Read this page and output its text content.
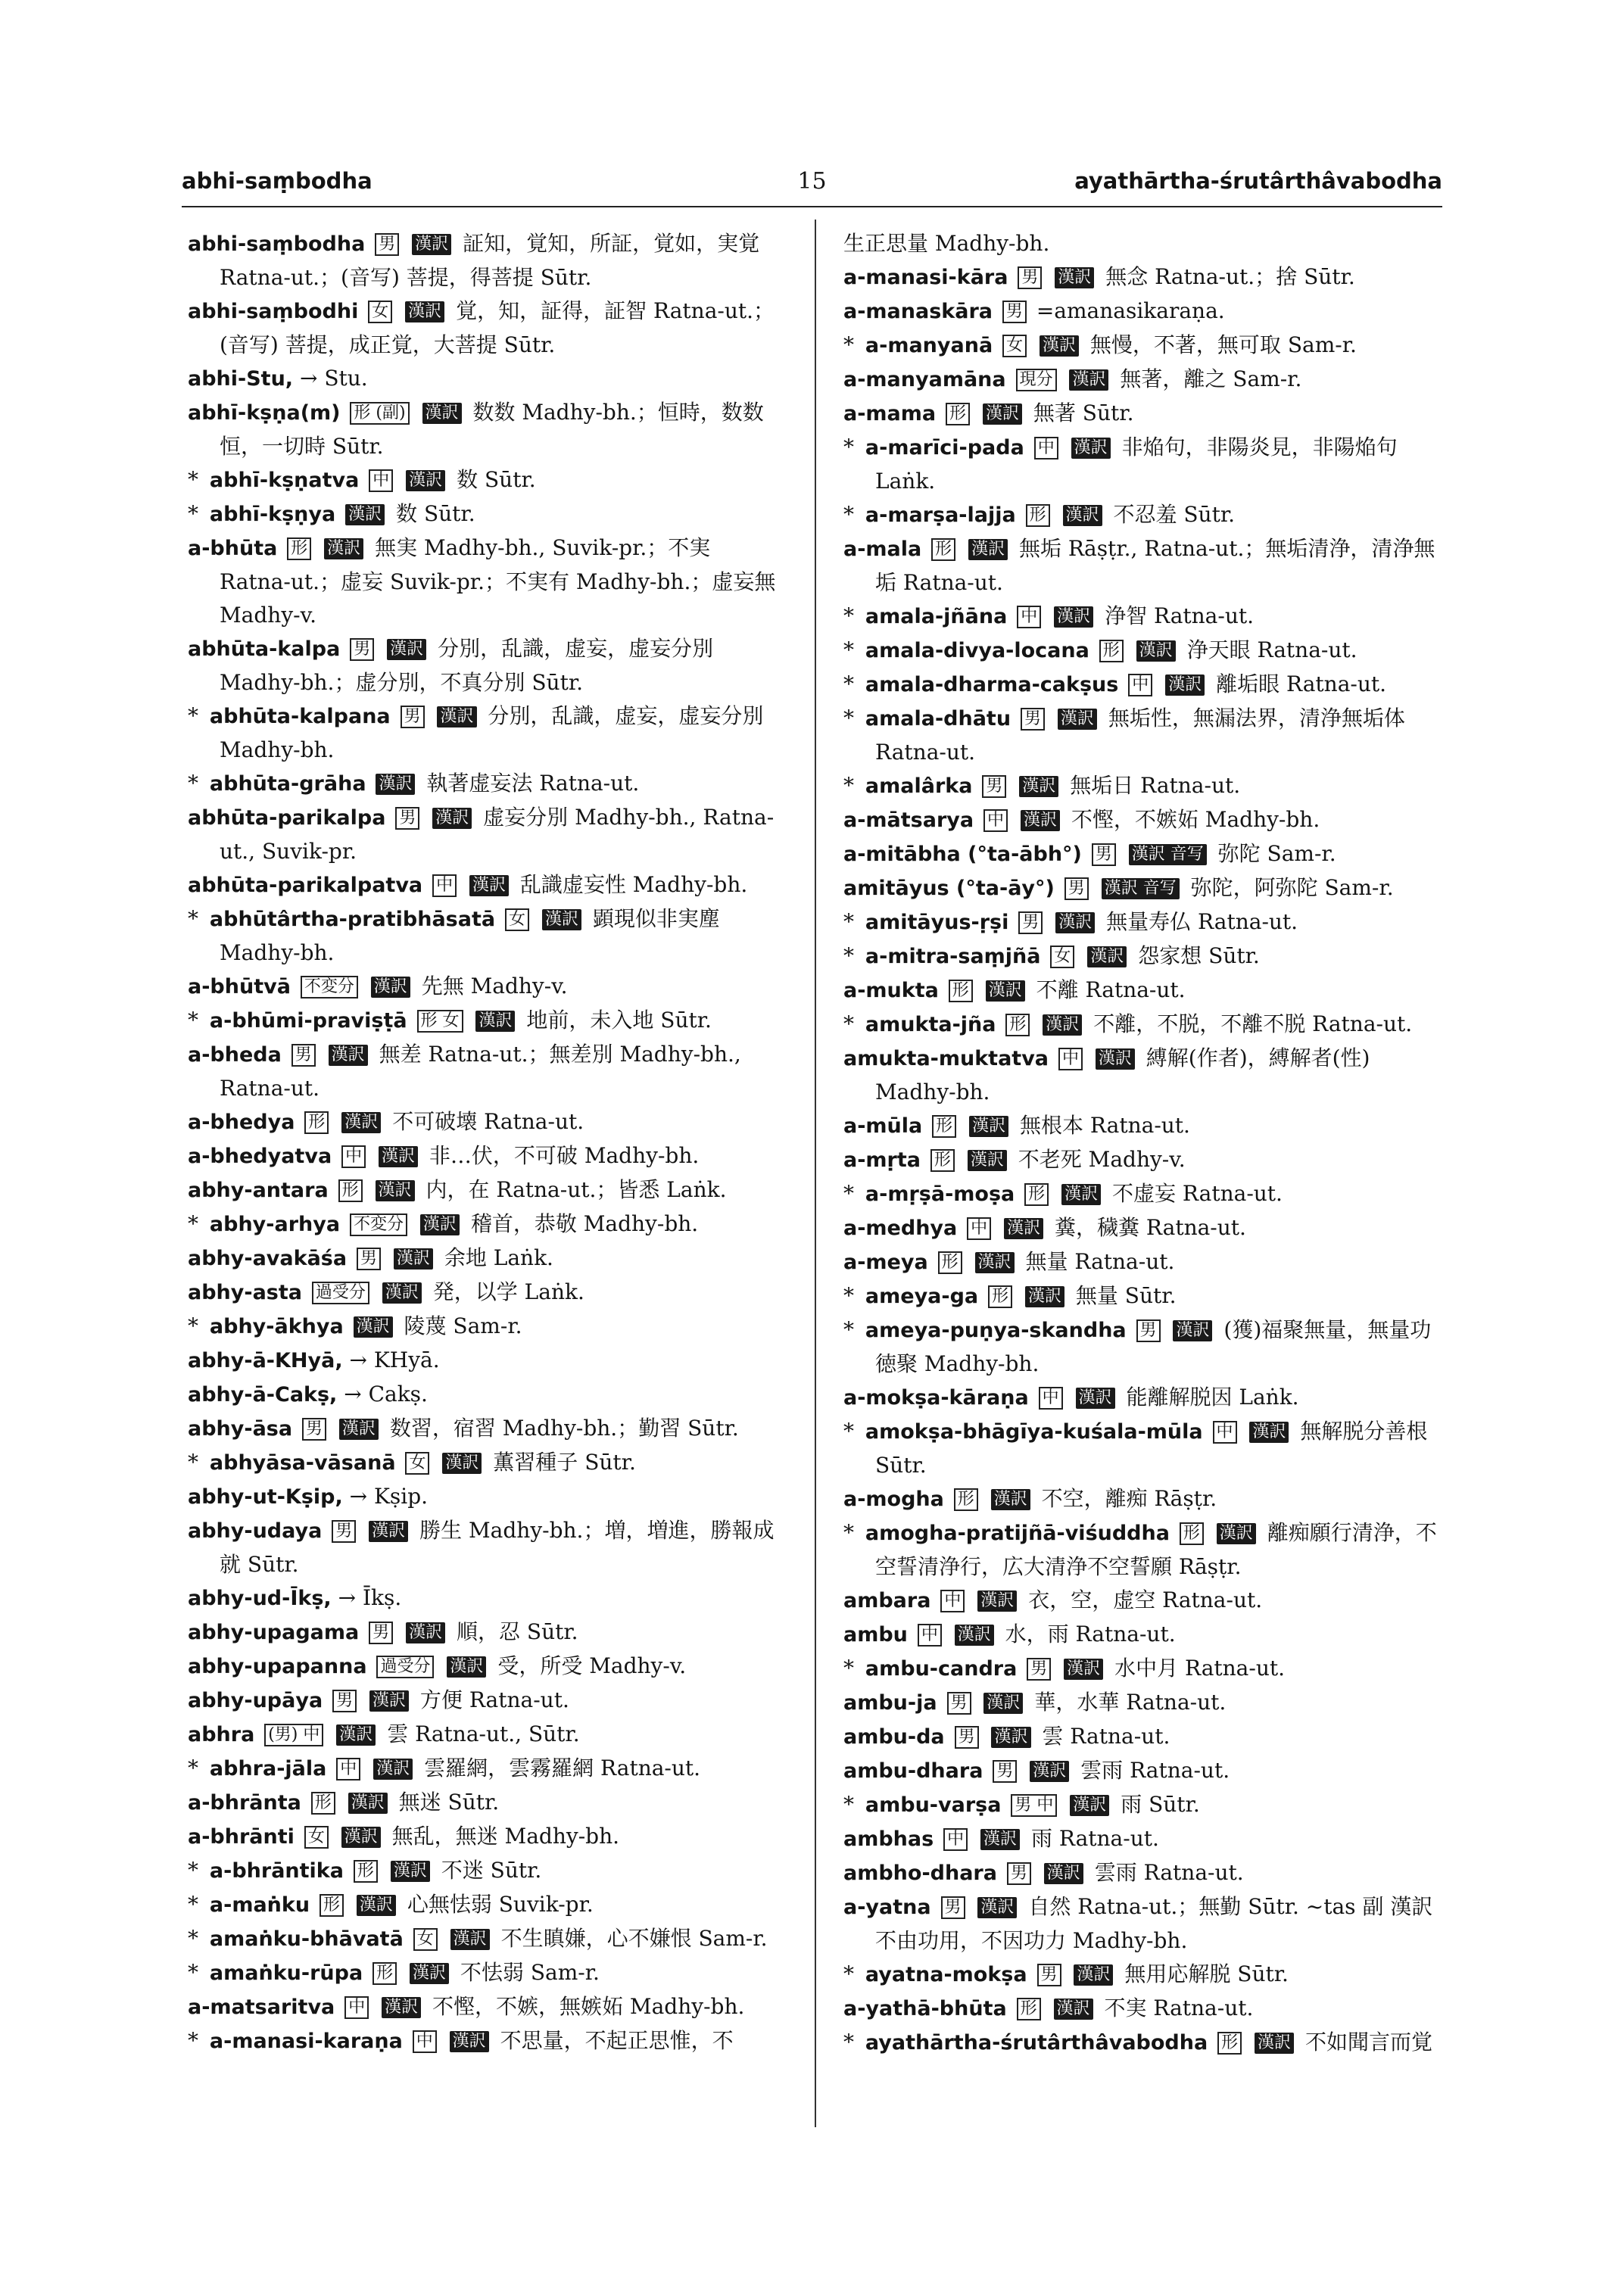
abhi-saṃbodha	15	ayathārtha-śrutârthâvabodha
abhi-saṃbodha 男 漢訳 証知，覚知，所証，覚如，実覚 Ratna-ut.；(音写) 菩提，得菩提 Sūtr.
abhi-saṃbodhi 女 漢訳 覚，知，証得，証智 Ratna-ut.；(音写) 菩提，成正覚，大菩提 Sūtr.
abhi-Stu, → Stu.
abhī-kṣṇa(m) 形 (副) 漢訳 数数 Madhy-bh.；恒時，数数恒，一切時 Sūtr.
* abhī-kṣṇatva 中 漢訳 数 Sūtr.
* abhī-kṣṇya 漢訳 数 Sūtr.
a-bhūta 形 漢訳 無実 Madhy-bh., Suvik-pr.；不実 Ratna-ut.；虚妄 Suvik-pr.；不実有 Madhy-bh.；虚妄無 Madhy-v.
abhūta-kalpa 男 漢訳 分別，乱識，虚妄，虚妄分別 Madhy-bh.；虚分別，不真分別 Sūtr.
* abhūta-kalpana 男 漢訳 分別，乱識，虚妄，虚妄分別 Madhy-bh.
* abhūta-grāha 漢訳 執著虚妄法 Ratna-ut.
abhūta-parikalpa 男 漢訳 虚妄分別 Madhy-bh., Ratna-ut., Suvik-pr.
abhūta-parikalpatva 中 漢訳 乱識虚妄性 Madhy-bh.
* abhūtârtha-pratibhāsatā 女 漢訳 顕現似非実塵 Madhy-bh.
a-bhūtvā 不変分 漢訳 先無 Madhy-v.
* a-bhūmi-praviṣṭā 形 女 漢訳 地前，未入地 Sūtr.
a-bheda 男 漢訳 無差 Ratna-ut.；無差別 Madhy-bh., Ratna-ut.
a-bhedya 形 漢訳 不可破壊 Ratna-ut.
a-bhedyatva 中 漢訳 非…伏，不可破 Madhy-bh.
abhy-antara 形 漢訳 内，在 Ratna-ut.；皆悉 Laṅk.
* abhy-arhya 不変分 漢訳 稽首，恭敬 Madhy-bh.
abhy-avakāśa 男 漢訳 余地 Laṅk.
abhy-asta 過受分 漢訳 発，以学 Laṅk.
* abhy-ākhya 漢訳 陵蔑 Sam-r.
abhy-ā-KHyā, → KHyā.
abhy-ā-Cakṣ, → Cakṣ.
abhy-āsa 男 漢訳 数習，宿習 Madhy-bh.；勤習 Sūtr.
* abhyāsa-vāsanā 女 漢訳 薫習種子 Sūtr.
abhy-ut-Kṣip, → Kṣip.
abhy-udaya 男 漢訳 勝生 Madhy-bh.；増，増進，勝報成就 Sūtr.
abhy-ud-Īkṣ, → Īkṣ.
abhy-upagama 男 漢訳 順，忍 Sūtr.
abhy-upapanna 過受分 漢訳 受，所受 Madhy-v.
abhy-upāya 男 漢訳 方便 Ratna-ut.
abhra (男) 中 漢訳 雲 Ratna-ut., Sūtr.
* abhra-jāla 中 漢訳 雲羅網，雲霧羅網 Ratna-ut.
a-bhrānta 形 漢訳 無迷 Sūtr.
a-bhrānti 女 漢訳 無乱，無迷 Madhy-bh.
* a-bhrāntika 形 漢訳 不迷 Sūtr.
* a-maṅku 形 漢訳 心無怯弱 Suvik-pr.
* amaṅku-bhāvatā 女 漢訳 不生瞋嫌，心不嫌恨 Sam-r.
* amaṅku-rūpa 形 漢訳 不怯弱 Sam-r.
a-matsaritva 中 漢訳 不慳，不嫉，無嫉妬 Madhy-bh.
* a-manasi-karaṇa 中 漢訳 不思量，不起正思惟，不
生正思量 Madhy-bh.
a-manasi-kāra 男 漢訳 無念 Ratna-ut.；捨 Sūtr.
a-manaskāra 男 =amanasikaraṇa.
* a-manyanā 女 漢訳 無慢，不著，無可取 Sam-r.
a-manyamāna 現分 漢訳 無著，離之 Sam-r.
a-mama 形 漢訳 無著 Sūtr.
* a-marīci-pada 中 漢訳 非焔句，非陽炎見，非陽焔句 Laṅk.
* a-marṣa-lajja 形 漢訳 不忍羞 Sūtr.
a-mala 形 漢訳 無垢 Rāṣṭr., Ratna-ut.；無垢清浄，清浄無垢 Ratna-ut.
* amala-jñāna 中 漢訳 浄智 Ratna-ut.
* amala-divya-locana 形 漢訳 浄天眼 Ratna-ut.
* amala-dharma-cakṣus 中 漢訳 離垢眼 Ratna-ut.
* amala-dhātu 男 漢訳 無垢性，無漏法界，清浄無垢体 Ratna-ut.
* amalârka 男 漢訳 無垢日 Ratna-ut.
a-mātsarya 中 漢訳 不慳，不嫉妬 Madhy-bh.
a-mitābha (°ta-ābh°) 男 漢訳 音写 弥陀 Sam-r.
amitāyus (°ta-āy°) 男 漢訳 音写 弥陀，阿弥陀 Sam-r.
* amitāyus-ṛṣi 男 漢訳 無量寿仏 Ratna-ut.
* a-mitra-saṃjñā 女 漢訳 怨家想 Sūtr.
a-mukta 形 漢訳 不離 Ratna-ut.
* amukta-jña 形 漢訳 不離，不脱，不離不脱 Ratna-ut.
amukta-muktatva 中 漢訳 縛解(作者)，縛解者(性) Madhy-bh.
a-mūla 形 漢訳 無根本 Ratna-ut.
a-mṛta 形 漢訳 不老死 Madhy-v.
* a-mṛṣā-moṣa 形 漢訳 不虚妄 Ratna-ut.
a-medhya 中 漢訳 糞，穢糞 Ratna-ut.
a-meya 形 漢訳 無量 Ratna-ut.
* ameya-ga 形 漢訳 無量 Sūtr.
* ameya-puṇya-skandha 男 漢訳 (獲)福聚無量，無量功徳聚 Madhy-bh.
a-mokṣa-kāraṇa 中 漢訳 能離解脱因 Laṅk.
* amokṣa-bhāgīya-kuśala-mūla 中 漢訳 無解脱分善根 Sūtr.
a-mogha 形 漢訳 不空，離痴 Rāṣṭr.
* amogha-pratijñā-viśuddha 形 漢訳 離痴願行清浄，不空誓清浄行，広大清浄不空誓願 Rāṣṭr.
ambara 中 漢訳 衣，空，虚空 Ratna-ut.
ambu 中 漢訳 水，雨 Ratna-ut.
* ambu-candra 男 漢訳 水中月 Ratna-ut.
ambu-ja 男 漢訳 華，水華 Ratna-ut.
ambu-da 男 漢訳 雲 Ratna-ut.
ambu-dhara 男 漢訳 雲雨 Ratna-ut.
* ambu-varṣa 男 中 漢訳 雨 Sūtr.
ambhas 中 漢訳 雨 Ratna-ut.
ambho-dhara 男 漢訳 雲雨 Ratna-ut.
a-yatna 男 漢訳 自然 Ratna-ut.；無勤 Sūtr. ~tas 副 漢訳 不由功用，不因功力 Madhy-bh.
* ayatna-mokṣa 男 漢訳 無用応解脱 Sūtr.
a-yathā-bhūta 形 漢訳 不実 Ratna-ut.
* ayathārtha-śrutârthâvabodha 形 漢訳 不如聞言而覚
